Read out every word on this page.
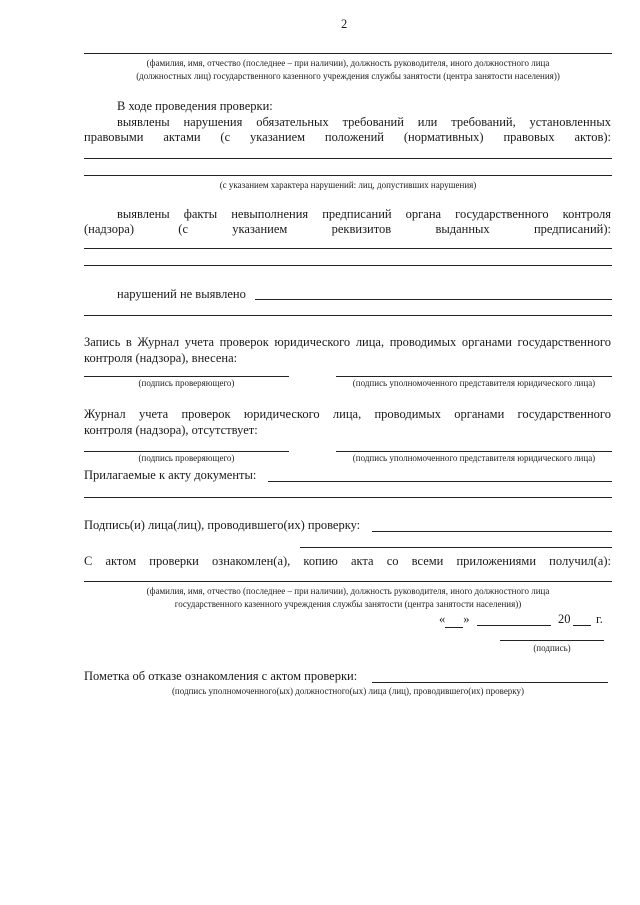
2
(фамилия, имя, отчество (последнее – при наличии), должность руководителя, иного должностного лица
(должностных лиц) государственного казенного учреждения службы занятости (центра занятости населения))
В ходе проведения проверки:
выявлены нарушения обязательных требований или требований, установленных
правовыми актами (с указанием положений (нормативных) правовых актов):
(с указанием характера нарушений: лиц, допустивших нарушения)
выявлены факты невыполнения предписаний органа государственного контроля
(надзора) (с указанием реквизитов выданных предписаний):
нарушений не выявлено
Запись в Журнал учета проверок юридического лица, проводимых органами государственного
контроля (надзора), внесена:
(подпись проверяющего)	(подпись уполномоченного представителя юридического лица)
Журнал учета проверок юридического лица, проводимых органами государственного
контроля (надзора), отсутствует:
(подпись проверяющего)	(подпись уполномоченного представителя юридического лица)
Прилагаемые к акту документы:
Подпись(и) лица(лиц), проводившего(их) проверку:
С актом проверки ознакомлен(а), копию акта со всеми приложениями получил(а):
(фамилия, имя, отчество (последнее – при наличии), должность руководителя, иного должностного лица
государственного казенного учреждения службы занятости (центра занятости населения))
« »	20 г.
(подпись)
Пометка об отказе ознакомления с актом проверки:
(подпись уполномоченного(ых) должностного(ых) лица (лиц), проводившего(их) проверку)
